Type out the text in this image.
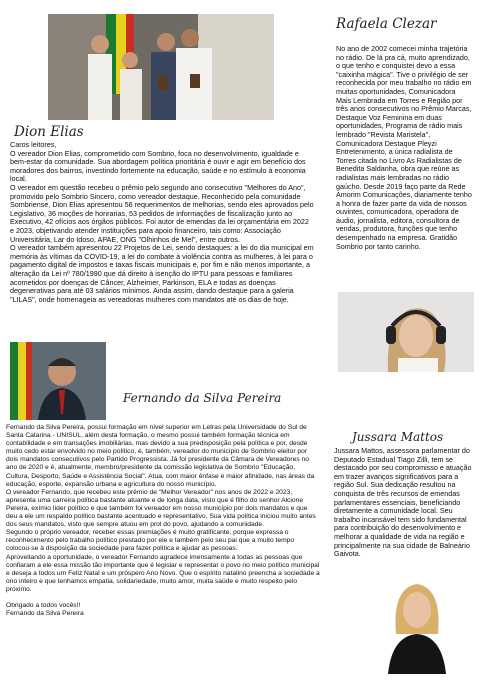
Dion Elias

Caros leitores,

O vereador Dion Elias, comprometido com Sombrio, foca no desenvolvimento, igualdade e bem-estar da comunidade. Sua abordagem política prioritária é ouvir e agir em benefício dos moradores dos bairros, investindo fortemente na educação, saúde e no estímulo à economia local.

O vereador em questão recebeu o prêmio pelo segundo ano consecutivo "Melhores do Ano", promovido pelo Sombrio Sincero, como vereador destaque. Reconhecido pela comunidade Sombriense, Dion Elias apresentou 56 requerimentos de melhorias, sendo eles aprovados pelo Legislativo, 36 moções de honrarias, 53 pedidos de informações de fiscalização junto ao Executivo, 42 ofícios aos órgãos públicos. Foi autor de emendas da lei orçamentária em 2022 e 2023, objetivando atender instituições para apoio financeiro, tais como: Associação Universitária, Lar do Idoso, APAE, ONG "Olhinhos de Mel", entre outros.

O vereador também apresentou 22 Projetos de Lei, sendo destaques: a lei do dia municipal em memória às vítimas da COVID-19, a lei do combate à violência contra as mulheres, à lei para o pagamento digital de impostos e taxas fiscais municipais e, por fim e não menos importante, a alteração da Lei nº 780/1990 que dá direito à isenção do IPTU para pessoas e familiares acometidos por doenças de Câncer, Alzheimer, Parkinson, ELA e todas as doenças degenerativas para até 03 salários mínimos. Ainda assim, dando destaque para a galeria "LILAS", onde homenageia as vereadoras mulheres com mandatos até os dias de hoje.

Rafaela Clezar
No ano de 2002 comecei minha trajetória no rádio. De lá pra cá, muito aprendizado, o que tenho e conquistei devo a essa "caixinha mágica". Tive o privilégio de ser reconhecida por meu trabalho no rádio em muitas oportunidades, Comunicadora Mais Lembrada em Torres e Região por três anos consecutivos no Prêmio Marcas, Destaque Voz Feminina em duas oportunidades, Programa de rádio mais lembrado "Revista Maristela", Comunicadora Destaque Pleyzi Entretenimento, a única radialista de Torres citada no Livro As Radialistas de Benedita Saldanha, obra que reúne as radialistas mais lembradas no rádio gaúcho. Desde 2019 faço parte da Rede Amorim Comunicações, diariamente tenho a honra de fazer parte da vida de nossos ouvintes, comunicadora, operadora de áudio, jornalista, editora, consultora de vendas, produtora, funções que tenho desempenhado na empresa. Gratidão Sombrio por tanto carinho.
Fernando da Silva Pereira

Fernando da Silva Pereira, possui formação em nível superior em Letras pela Universidade do Sul de Santa Catarina - UNISUL, além desta formação, o mesmo possui também formação técnica em contabilidade e em transações imobiliárias, mas devido a sua predisposição pela política e por, desde muito cedo estar envolvido no meio político, é, também, vereador do município de Sombrio eleitor por dois mandatos consecutivos pelo Partido Progressista. Já foi presidente da Câmara de Vereadores no ano de 2020 e é, atualmente, membro/presidente da comissão legislativa de Sombrio "Educação, Cultura, Desporto, Saúde e Assistência Social". Atua, com maior ênfase e maior afinidade, nas áreas da educação, esporte, expansão urbana e agricultura do nosso município.

O vereador Fernando, que recebeu este prêmio de "Melhor Vereador" nos anos de 2022 e 2023, apresenta uma carreira política bastante atuante e de longa data, visto que é filho do senhor Alcione Pereira, exímio líder político e que também foi vereador em nosso município por dois mandatos e que deu a ele um respaldo político bastante acentuado e representativo. Sua vida política iniciou muito antes dos seus mandatos, visto que sempre atuou em prol do povo, ajudando a comunidade.

Segundo o próprio vereador, receber essas premiações é muito gratificante, porque expressa o reconhecimento pelo trabalho político prestado por ele e também pelo seu pai que a muito tempo colocou-se à disposição da sociedade para fazer política e ajudar as pessoas.

Aproveitando a oportunidade, o vereador Fernando agradece imensamente a todas as pessoas que confiaram a ele essa missão tão importante que é legislar e representar o povo no meio político municipal e deseja a todos um Feliz Natal e um próspero Ano Novo. Que o espírito natalino preencha a sociedade a ono inteiro e que tenhamos empatia, solidariedade, muito amor, muita saúde e muito respeito pelo próximo.

Obrigado a todos vocês!!

Fernando da Silva Pereira

Jussara Mattos
Jussara Mattos, assessora parlamentar do Deputado Estadual Tiago Zilli, tem se destacado por seu compromisso e atuação em trazer avanços significativos para a região Sul. Sua dedicação resultou na conquista de três recursos de emendas parlamentares essenciais, beneficiando diretamente a comunidade local. Seu trabalho incansável tem sido fundamental para contribuição do desenvolvimento e melhorar a qualidade de vida na região e principalmente na sua cidade de Balneário Gaivota.
